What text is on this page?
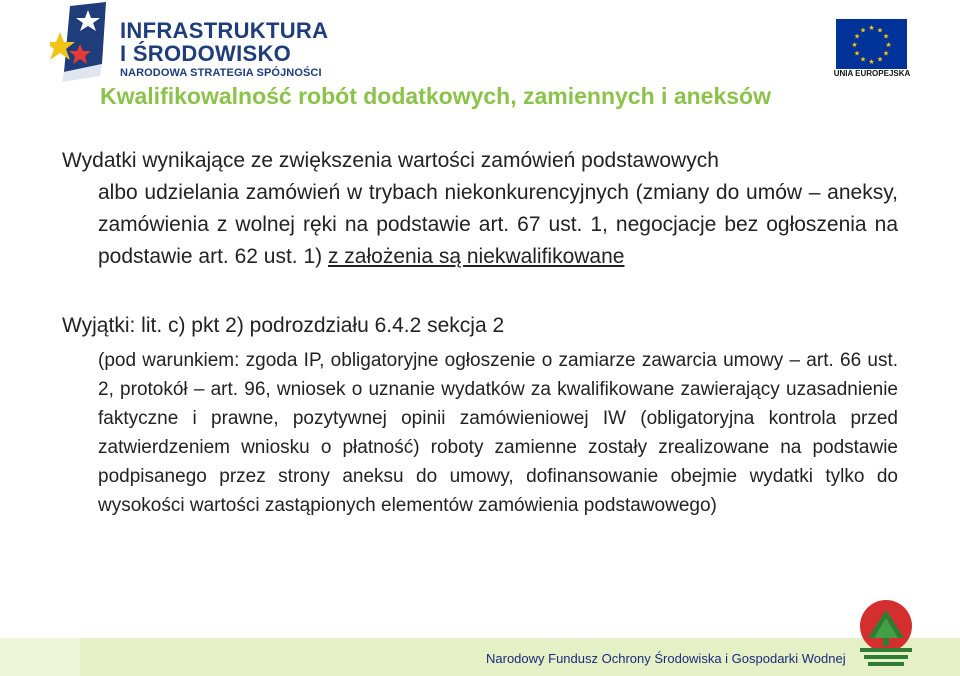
INFRASTRUKTURA
I ŚRODOWISKO
NARODOWA STRATEGIA SPÓJNOŚCI
★ ★
★
★
★
★
★
★
★
★
★
★
UNIA EUROPEJSKA
Kwalifikowalność robót dodatkowych, zamiennych i aneksów
Wydatki wynikające ze zwiększenia wartości zamówień podstawowych
albo udzielania zamówień w trybach niekonkurencyjnych (zmiany do umów – aneksy, zamówienia z wolnej ręki na podstawie art. 67 ust. 1, negocjacje bez ogłoszenia na podstawie art. 62 ust. 1) z założenia są niekwalifikowane
Wyjątki: lit. c) pkt 2) podrozdziału 6.4.2 sekcja 2
(pod warunkiem: zgoda IP, obligatoryjne ogłoszenie o zamiarze zawarcia umowy – art. 66 ust. 2, protokół – art. 96, wniosek o uznanie wydatków za kwalifikowane zawierający uzasadnienie faktyczne i prawne, pozytywnej opinii zamówieniowej IW (obligatoryjna kontrola przed zatwierdzeniem wniosku o płatność) roboty zamienne zostały zrealizowane na podstawie podpisanego przez strony aneksu do umowy, dofinansowanie obejmie wydatki tylko do wysokości wartości zastąpionych elementów zamówienia podstawowego)
Narodowy Fundusz Ochrony Środowiska i Gospodarki Wodnej
